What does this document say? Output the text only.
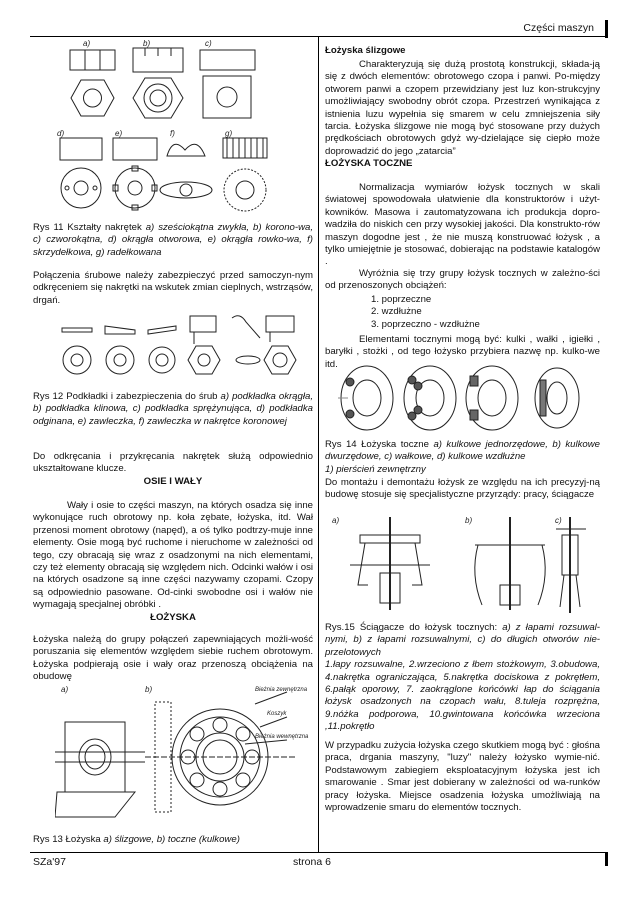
Części maszyn
SZa'97	strona 6
a)	b)	c)
d)	e)	f)	g)
Rys 11 Kształty nakrętek a) sześciokątna zwykła, b) korono-wa, c) czworokątna, d) okrągła otworowa, e) okrągła rowko-wa, f) skrzydełkowa, g) radełkowana

Połączenia śrubowe należy zabezpieczyć przed samoczyn-nym odkręceniem się nakrętki na wskutek zmian cieplnych, wstrząsów, drgań.

Rys 12 Podkładki i zabezpieczenia do śrub a) podkładka okrągła, b) podkładka klinowa, c) podkładka sprężynująca, d) podkładka odginana, e) zawleczka, f) zawleczka w nakrętce koronowej

Do odkręcania i przykręcania nakrętek służą odpowiednio ukształtowane klucze.

OSIE I WAŁY

Wały i osie to części maszyn, na których osadza się inne wykonujące ruch obrotowy np. koła zębate, łożyska, itd. Wał przenosi moment obrotowy (napęd), a oś tylko podtrzy-muje inne elementy. Osie mogą być ruchome i nieruchome w zależności od tego, czy obracają się wraz z osadzonymi na nich elementami, czy też elementy obracają się względem nich. Odcinki wałów i osi na których osadzone są inne części nazywamy czopami. Czopy są odpowiednio pasowane. Od-cinki swobodne osi i wałów nie wymagają specjalnej obróbki .

ŁOŻYSKA

Łożyska należą do grupy połączeń zapewniających możli-wość poruszania się elementów względem siebie ruchem obrotowym. Łożyska podpierają osie i wały oraz przenoszą obciążenia na obudowę

a)	b)	Bieżnia zewnętrzna
Koszyk
Bieżnia wewnętrzna
Rys 13 Łożyska a) ślizgowe, b) toczne (kulkowe)

Łożyska ślizgowe

Charakteryzują się dużą prostotą konstrukcji, składa-ją się z dwóch elementów: obrotowego czopa i panwi. Po-między otworem panwi a czopem przewidziany jest luz kon-strukcyjny umożliwiający swobodny obrót czopa. Przestrzeń wynikająca z istnienia luzu wypełnia się smarem w celu zmniejszenia siły tarcia. Łożyska ślizgowe nie mogą być stosowane przy dużych prędkościach obrotowych gdyż wy-dzielające się ciepło może doprowadzić do jego „zatarcia”

ŁOŻYSKA TOCZNE

Normalizacja wymiarów łożysk tocznych w skali światowej spowodowała ułatwienie dla konstruktorów i użyt-kowników. Masowa i zautomatyzowana ich produkcja dopro-wadziła do niskich cen przy wysokiej jakości. Dla konstrukto-rów maszyn dogodne jest , że nie muszą konstruować łożysk , a tylko umiejętnie je stosować, dobierając na podstawie katalogów .

Wyróżnia się trzy grupy łożysk tocznych w zależno-ści od przenoszonych obciążeń:

1. poprzeczne
2. wzdłużne
3. poprzeczno - wzdłużne

Elementami tocznymi mogą być: kulki , wałki , igiełki , baryłki , stożki , od tego łożysko przybiera nazwę np. kulko-we itd.

Rys 14 Łożyska toczne a) kulkowe jednorzędowe, b) kulkowe dwurzędowe, c) wałkowe, d) kulkowe wzdłużne
1) pierścień zewnętrzny

Do montażu i demontażu łożysk ze względu na ich precyzyj-ną budowę stosuje się specjalistyczne przyrządy: pracy, ściągacze

a)	b)	c)
Rys.15 Ściągacze do łożysk tocznych: a) z łapami rozsuwal-nymi, b) z łapami rozsuwalnymi, c) do długich otworów nie-przelotowych
1.łapy rozsuwalne, 2.wrzeciono z łbem stożkowym, 3.obudowa, 4.nakrętka ograniczająca, 5.nakrętka dociskowa z pokrętłem, 6.pałąk oporowy, 7. zaokrąglone końcówki łap do ściągania łożysk osadzonych na czopach wału, 8.tuleja rozprężna, 9.nóżka podporowa, 10.gwintowana końcówka wrzeciona ,11.pokrętło

W przypadku zużycia łożyska czego skutkiem mogą być : głośna praca, drgania maszyny, "luzy" należy łożysko wymie-nić. Podstawowym zabiegiem eksploatacyjnym łożyska jest ich smarowanie . Smar jest dobierany w zależności od wa-runków pracy łożyska. Miejsce osadzenia łożyska umożliwiają na wprowadzenie smaru do elementów tocznych.
